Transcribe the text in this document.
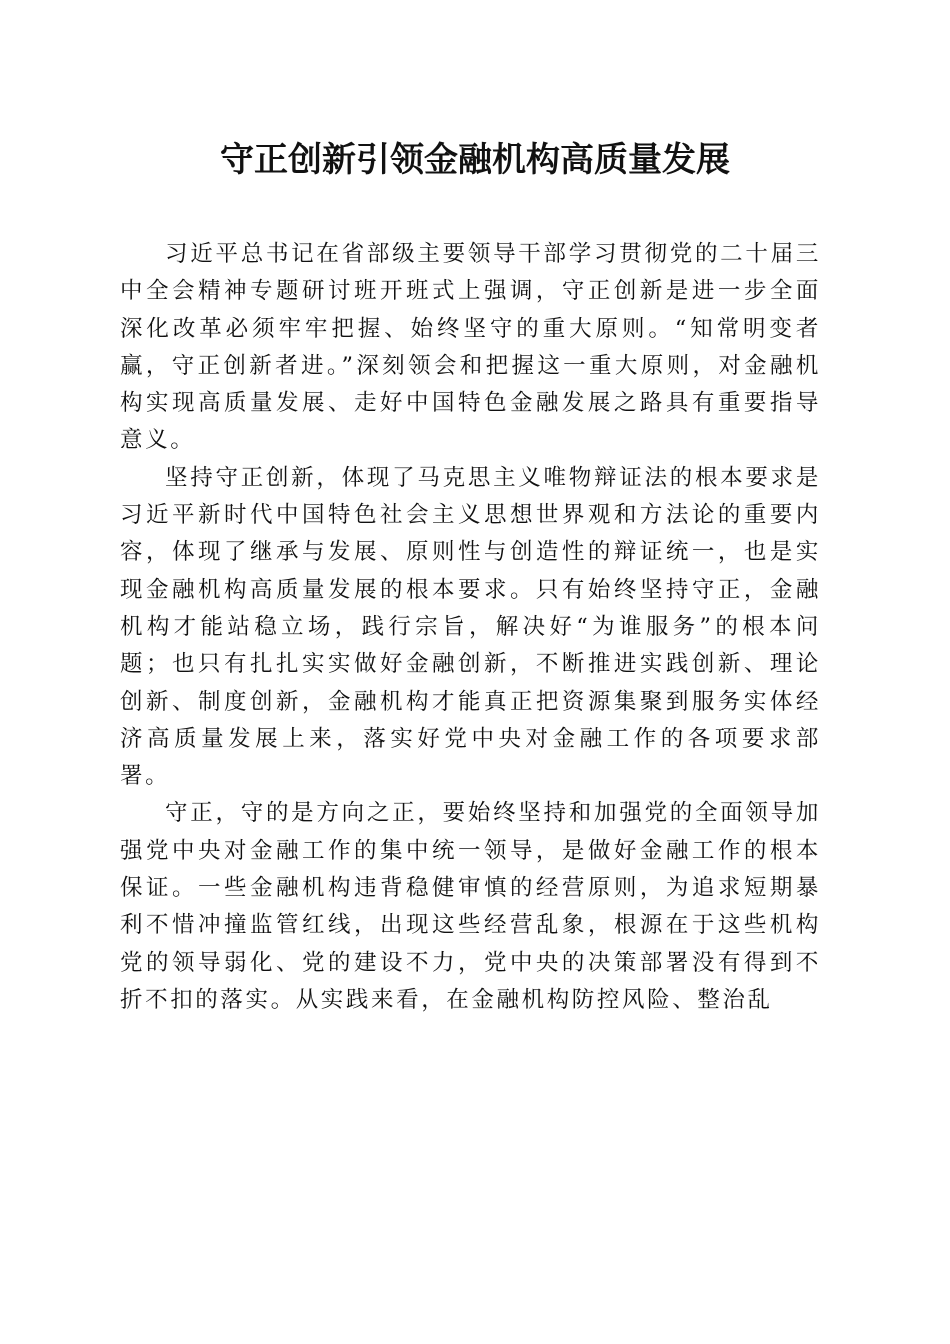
守正创新引领金融机构高质量发展

习近平总书记在省部级主要领导干部学习贯彻党的二十届三中全会精神专题研讨班开班式上强调，守正创新是进一步全面深化改革必须牢牢把握、始终坚守的重大原则。“知常明变者赢，守正创新者进。”深刻领会和把握这一重大原则，对金融机构实现高质量发展、走好中国特色金融发展之路具有重要指导意义。

坚持守正创新，体现了马克思主义唯物辩证法的根本要求是习近平新时代中国特色社会主义思想世界观和方法论的重要内容，体现了继承与发展、原则性与创造性的辩证统一，也是实现金融机构高质量发展的根本要求。只有始终坚持守正，金融机构才能站稳立场，践行宗旨，解决好“为谁服务”的根本问题；也只有扎扎实实做好金融创新，不断推进实践创新、理论创新、制度创新，金融机构才能真正把资源集聚到服务实体经济高质量发展上来，落实好党中央对金融工作的各项要求部署。

守正，守的是方向之正，要始终坚持和加强党的全面领导加强党中央对金融工作的集中统一领导，是做好金融工作的根本保证。一些金融机构违背稳健审慎的经营原则，为追求短期暴利不惜冲撞监管红线，出现这些经营乱象，根源在于这些机构党的领导弱化、党的建设不力，党中央的决策部署没有得到不折不扣的落实。从实践来看，在金融机构防控风险、整治乱
